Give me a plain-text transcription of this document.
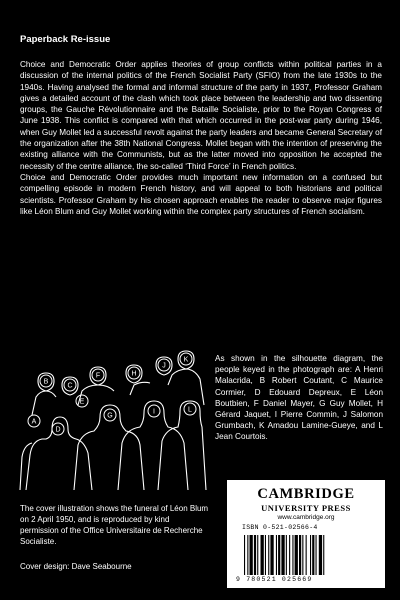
Paperback Re-issue

Choice and Democratic Order applies theories of group conflicts within political parties in a discussion of the internal politics of the French Socialist Party (SFIO) from the late 1930s to the 1940s. Having analysed the formal and informal structure of the party in 1937, Professor Graham gives a detailed account of the clash which took place between the leadership and two dissenting groups, the Gauche Révolutionnaire and the Bataille Socialiste, prior to the Royan Congress of June 1938. This conflict is compared with that which occurred in the post-war party during 1946, when Guy Mollet led a successful revolt against the party leaders and became General Secretary of the organization after the 38th National Congress. Mollet began with the intention of preserving the existing alliance with the Communists, but as the latter moved into opposition he accepted the necessity of the centre alliance, the so-called ‘Third Force’ in French politics.

Choice and Democratic Order provides much important new information on a confused but compelling episode in modern French history, and will appeal to both historians and political scientists. Professor Graham by his chosen approach enables the reader to observe major figures like Léon Blum and Guy Mollet working within the complex party structures of French socialism.

A
B
C
D
E
F
G
H
I
J
K
L

As shown in the silhouette diagram, the people keyed in the photograph are: A Henri Malacrida, B Robert Coutant, C Maurice Cormier, D Edouard Depreux, E Léon Boutbien, F Daniel Mayer, G Guy Mollet, H Gérard Jaquet, I Pierre Commin, J Salomon Grumbach, K Amadou Lamine-Gueye, and L Jean Courtois.

The cover illustration shows the funeral of Léon Blum on 2 April 1950, and is reproduced by kind permission of the Office Universitaire de Recherche Socialiste.

Cover design: Dave Seabourne
CAMBRIDGE
UNIVERSITY PRESS
www.cambridge.org
ISBN 0-521-02566-4
9 780521 025669
